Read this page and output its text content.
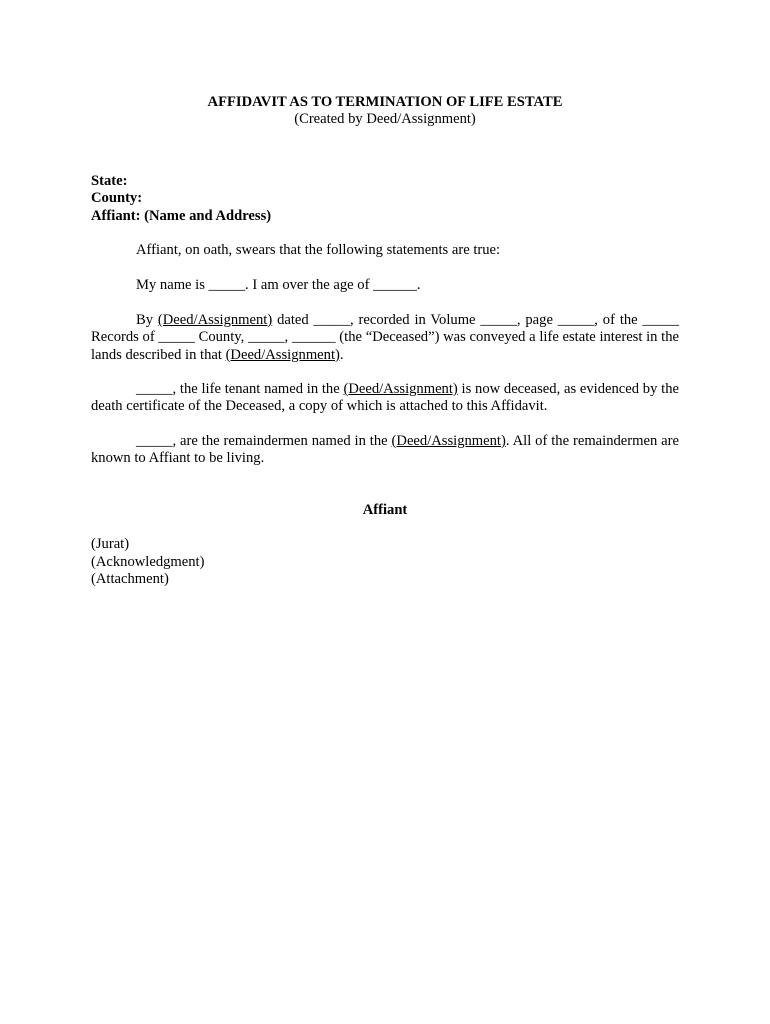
AFFIDAVIT AS TO TERMINATION OF LIFE ESTATE

(Created by Deed/Assignment)

State:

County:

Affiant: (Name and Address)

Affiant, on oath, swears that the following statements are true:

My name is _____. I am over the age of ______.

By (Deed/Assignment) dated _____, recorded in Volume _____, page _____, of the _____ Records of _____ County, _____, ______ (the “Deceased”) was conveyed a life estate interest in the lands described in that (Deed/Assignment).

_____, the life tenant named in the (Deed/Assignment) is now deceased, as evidenced by the death certificate of the Deceased, a copy of which is attached to this Affidavit.

_____, are the remaindermen named in the (Deed/Assignment). All of the remaindermen are known to Affiant to be living.

Affiant

(Jurat)

(Acknowledgment)

(Attachment)
